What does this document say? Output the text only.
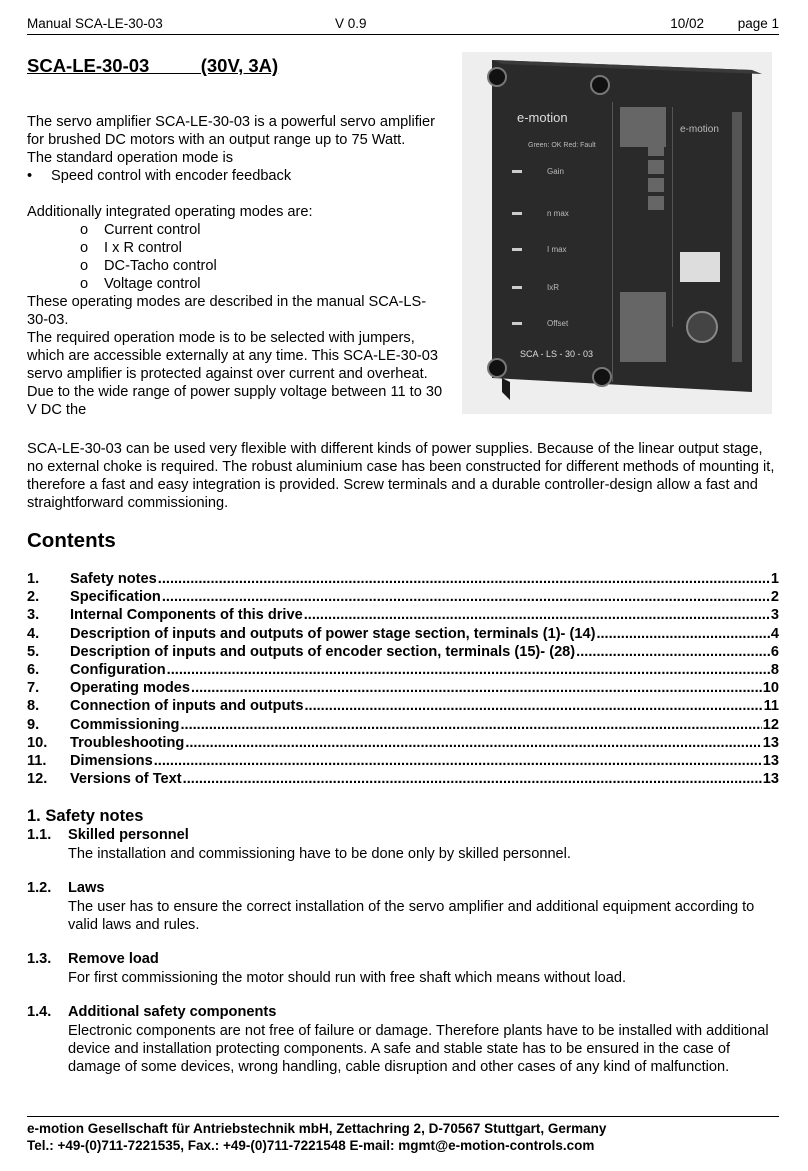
Manual SCA-LE-30-03	V 0.9	10/02 page 1
SCA-LE-30-03          (30V, 3A)

The servo amplifier SCA-LE-30-03 is a powerful servo amplifier for brushed DC motors with an output range up to 75 Watt.

The standard operation mode is

• Speed control with encoder feedback

Additionally integrated operating modes are:

o Current control

o I x R control

o DC-Tacho control

o Voltage control

These operating modes are described in the manual SCA-LS-30-03.

The required operation mode is to be selected with jumpers, which are accessible externally at any time. This SCA-LE-30-03 servo amplifier is protected against over current and overheat. Due to the wide range of power supply voltage between 11 to 30 V DC the

SCA-LE-30-03 can be used very flexible with different kinds of power supplies. Because of the linear output stage, no external choke is required. The robust aluminium case has been constructed for different methods of mounting it, therefore a fast and easy integration is provided. Screw terminals and a durable controller-design allow a fast and straightforward commissioning.
e-motion
Green: OK Red: Fault
Gain
n max
I max
IxR
Offset
SCA - LS - 30 - 03
e-motion
Contents
1.	Safety notes .....	1
2.	Specification .....	2
3.	Internal Components of this drive .....	3
4.	Description of inputs and outputs of power stage section, terminals (1)- (14) .....	4
5.	Description of inputs and outputs of encoder section, terminals (15)- (28) .....	6
6.	Configuration .....	8
7.	Operating modes .....	10
8.	Connection of inputs and outputs .....	11
9.	Commissioning .....	12
10.	Troubleshooting .....	13
11.	Dimensions .....	13
12.	Versions of Text .....	13
1. Safety notes
1.1.	Skilled personnel
The installation and commissioning have to be done only by skilled personnel.
1.2.	Laws
The user has to ensure the correct installation of the servo amplifier and additional equipment according to valid laws and rules.
1.3.	Remove load
For first commissioning the motor should run with free shaft which means without load.
1.4.	Additional safety components
Electronic components are not free of failure or damage. Therefore plants have to be installed with additional device and installation protecting components. A safe and stable state has to be ensured in the case of damage of some devices, wrong handling, cable disruption and other cases of any kind of malfunction.
e-motion Gesellschaft für Antriebstechnik mbH, Zettachring 2, D-70567 Stuttgart, Germany
Tel.: +49-(0)711-7221535, Fax.: +49-(0)711-7221548 E-mail: mgmt@e-motion-controls.com
